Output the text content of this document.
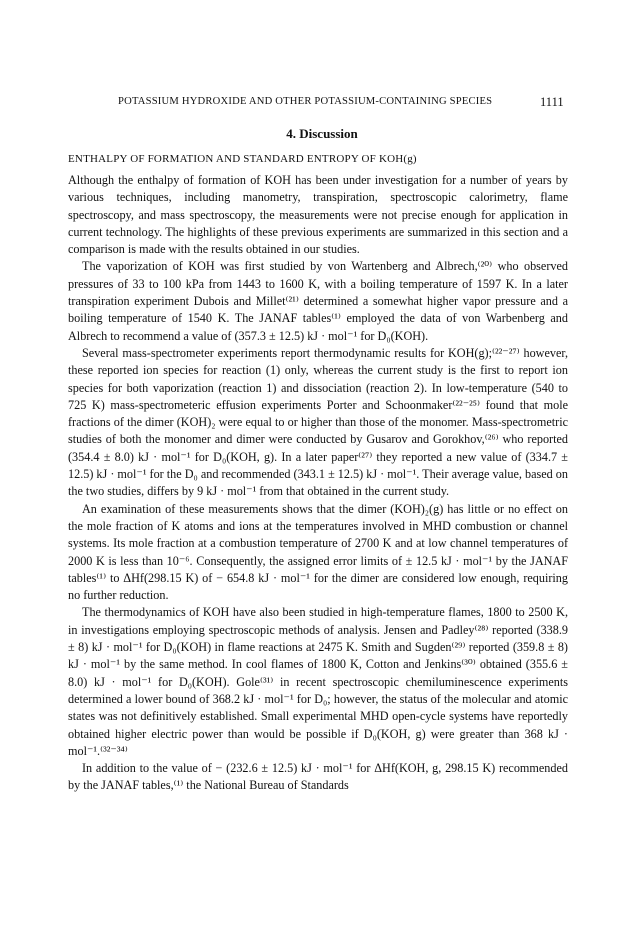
POTASSIUM HYDROXIDE AND OTHER POTASSIUM-CONTAINING SPECIES	1111
4. Discussion
ENTHALPY OF FORMATION AND STANDARD ENTROPY OF KOH(g)

Although the enthalpy of formation of KOH has been under investigation for a number of years by various techniques, including manometry, transpiration, spectroscopic calorimetry, flame spectroscopy, and mass spectroscopy, the measurements were not precise enough for application in current technology. The highlights of these previous experiments are summarized in this section and a comparison is made with the results obtained in our studies.

The vaporization of KOH was first studied by von Wartenberg and Albrech,⁽²⁰⁾ who observed pressures of 33 to 100 kPa from 1443 to 1600 K, with a boiling temperature of 1597 K. In a later transpiration experiment Dubois and Millet⁽²¹⁾ determined a somewhat higher vapor pressure and a boiling temperature of 1540 K. The JANAF tables⁽¹⁾ employed the data of von Warbenberg and Albrech to recommend a value of (357.3 ± 12.5) kJ · mol⁻¹ for D₀(KOH).

Several mass-spectrometer experiments report thermodynamic results for KOH(g);⁽²²⁻²⁷⁾ however, these reported ion species for reaction (1) only, whereas the current study is the first to report ion species for both vaporization (reaction 1) and dissociation (reaction 2). In low-temperature (540 to 725 K) mass-spectrometeric effusion experiments Porter and Schoonmaker⁽²²⁻²⁵⁾ found that mole fractions of the dimer (KOH)₂ were equal to or higher than those of the monomer. Mass-spectrometric studies of both the monomer and dimer were conducted by Gusarov and Gorokhov,⁽²⁶⁾ who reported (354.4 ± 8.0) kJ · mol⁻¹ for D₀(KOH, g). In a later paper⁽²⁷⁾ they reported a new value of (334.7 ± 12.5) kJ · mol⁻¹ for the D₀ and recommended (343.1 ± 12.5) kJ · mol⁻¹. Their average value, based on the two studies, differs by 9 kJ · mol⁻¹ from that obtained in the current study.

An examination of these measurements shows that the dimer (KOH)₂(g) has little or no effect on the mole fraction of K atoms and ions at the temperatures involved in MHD combustion or channel systems. Its mole fraction at a combustion temperature of 2700 K and at low channel temperatures of 2000 K is less than 10⁻⁶. Consequently, the assigned error limits of ± 12.5 kJ · mol⁻¹ by the JANAF tables⁽¹⁾ to ΔHf(298.15 K) of − 654.8 kJ · mol⁻¹ for the dimer are considered low enough, requiring no further reduction.

The thermodynamics of KOH have also been studied in high-temperature flames, 1800 to 2500 K, in investigations employing spectroscopic methods of analysis. Jensen and Padley⁽²⁸⁾ reported (338.9 ± 8) kJ · mol⁻¹ for D₀(KOH) in flame reactions at 2475 K. Smith and Sugden⁽²⁹⁾ reported (359.8 ± 8) kJ · mol⁻¹ by the same method. In cool flames of 1800 K, Cotton and Jenkins⁽³⁰⁾ obtained (355.6 ± 8.0) kJ · mol⁻¹ for D₀(KOH). Gole⁽³¹⁾ in recent spectroscopic chemiluminescence experiments determined a lower bound of 368.2 kJ · mol⁻¹ for D₀; however, the status of the molecular and atomic states was not definitively established. Small experimental MHD open-cycle systems have reportedly obtained higher electric power than would be possible if D₀(KOH, g) were greater than 368 kJ · mol⁻¹.⁽³²⁻³⁴⁾

In addition to the value of − (232.6 ± 12.5) kJ · mol⁻¹ for ΔHf(KOH, g, 298.15 K) recommended by the JANAF tables,⁽¹⁾ the National Bureau of Standards
